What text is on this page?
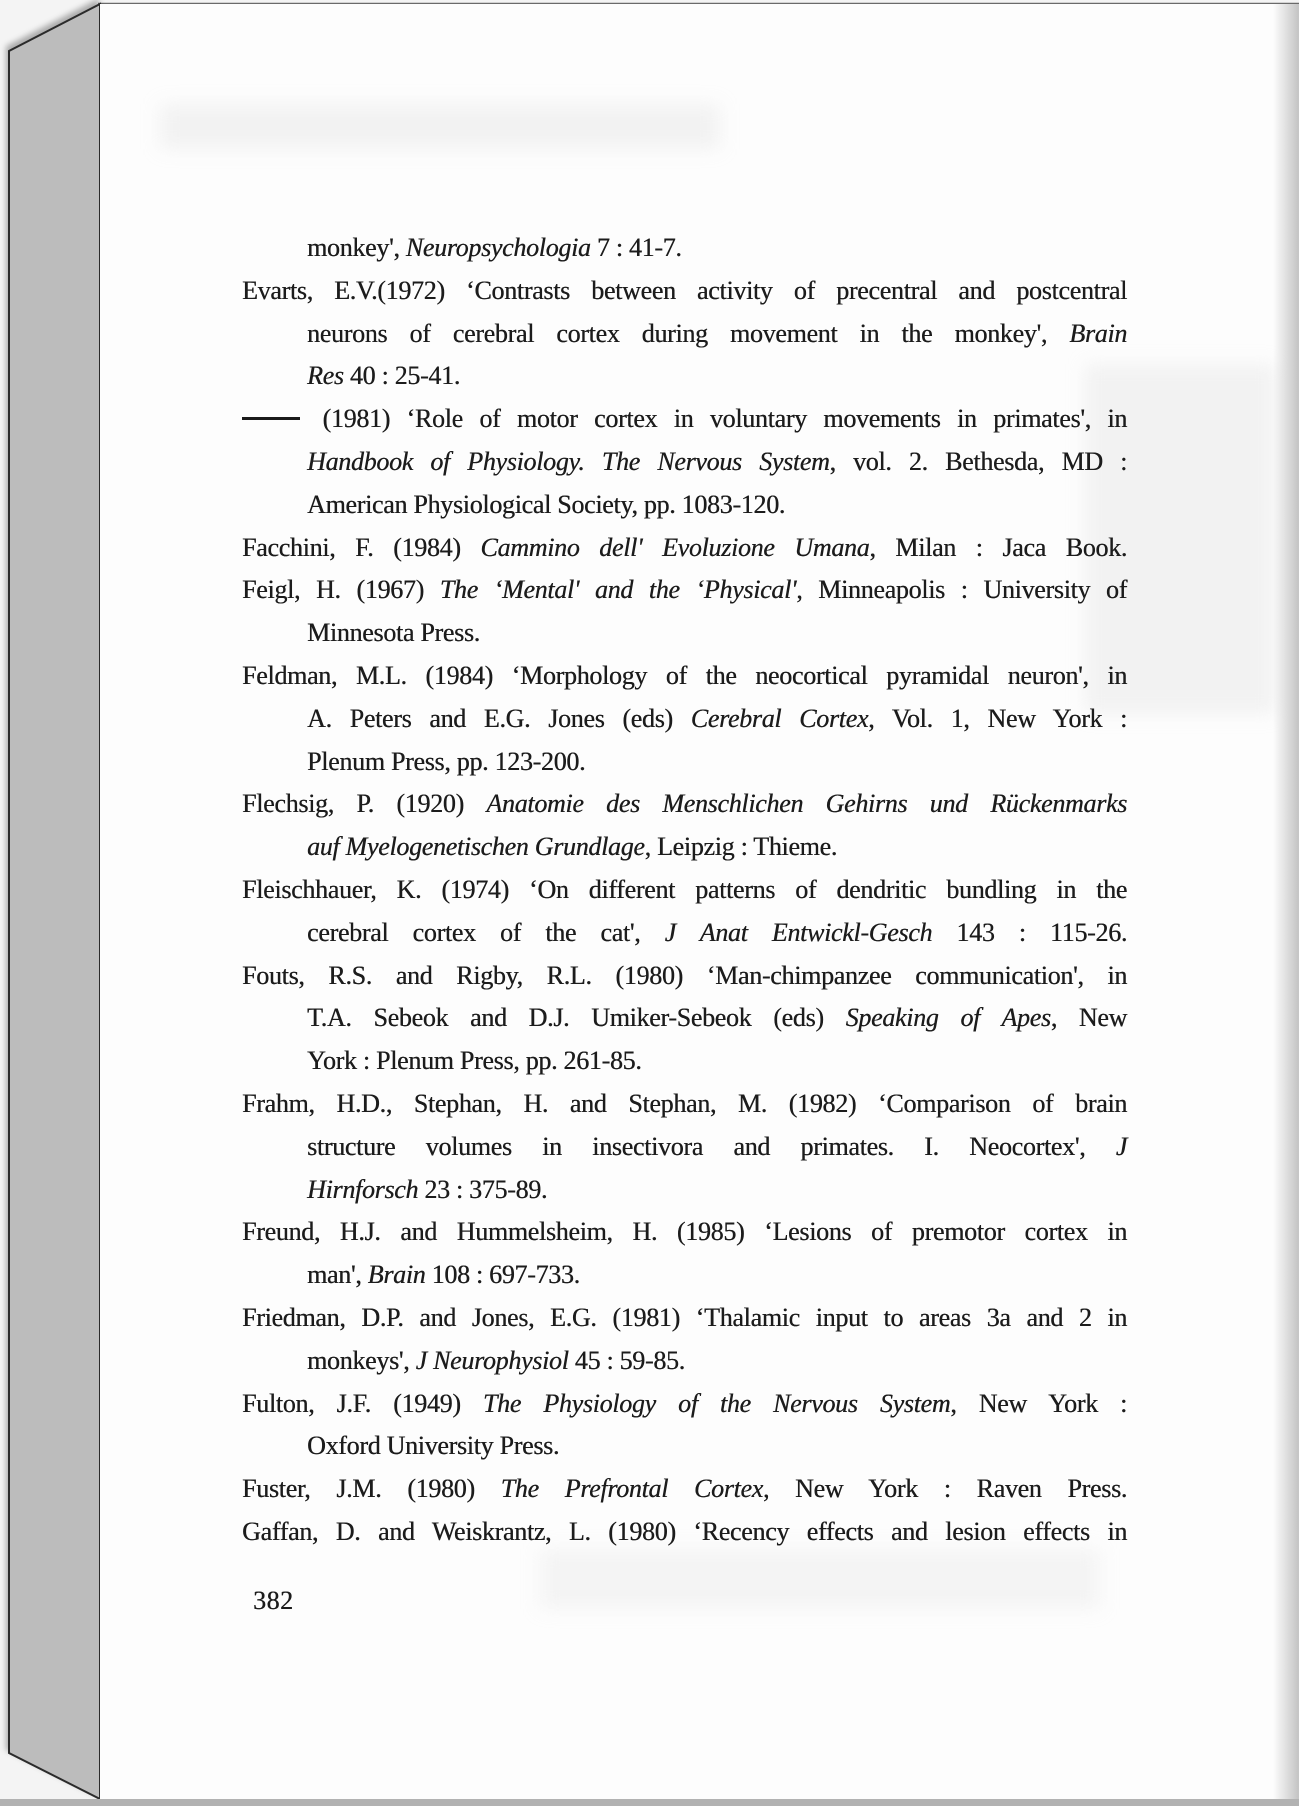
monkey', Neuropsychologia 7 : 41-7.
Evarts, E.V.(1972) ‘Contrasts between activity of precentral and postcentral
neurons of cerebral cortex during movement in the monkey', Brain
Res 40 : 25-41.
(1981) ‘Role of motor cortex in voluntary movements in primates', in
Handbook of Physiology. The Nervous System, vol. 2. Bethesda, MD :
American Physiological Society, pp. 1083-120.
Facchini, F. (1984) Cammino dell' Evoluzione Umana, Milan : Jaca Book.
Feigl, H. (1967) The ‘Mental' and the ‘Physical', Minneapolis : University of
Minnesota Press.
Feldman, M.L. (1984) ‘Morphology of the neocortical pyramidal neuron', in
A. Peters and E.G. Jones (eds) Cerebral Cortex, Vol. 1, New York :
Plenum Press, pp. 123-200.
Flechsig, P. (1920) Anatomie des Menschlichen Gehirns und Rückenmarks
auf Myelogenetischen Grundlage, Leipzig : Thieme.
Fleischhauer, K. (1974) ‘On different patterns of dendritic bundling in the
cerebral cortex of the cat', J Anat Entwickl-Gesch 143 : 115-26.
Fouts, R.S. and Rigby, R.L. (1980) ‘Man-chimpanzee communication', in
T.A. Sebeok and D.J. Umiker-Sebeok (eds) Speaking of Apes, New
York : Plenum Press, pp. 261-85.
Frahm, H.D., Stephan, H. and Stephan, M. (1982) ‘Comparison of brain
structure volumes in insectivora and primates. I. Neocortex', J
Hirnforsch 23 : 375-89.
Freund, H.J. and Hummelsheim, H. (1985) ‘Lesions of premotor cortex in
man', Brain 108 : 697-733.
Friedman, D.P. and Jones, E.G. (1981) ‘Thalamic input to areas 3a and 2 in
monkeys', J Neurophysiol 45 : 59-85.
Fulton, J.F. (1949) The Physiology of the Nervous System, New York :
Oxford University Press.
Fuster, J.M. (1980) The Prefrontal Cortex, New York : Raven Press.
Gaffan, D. and Weiskrantz, L. (1980) ‘Recency effects and lesion effects in
382
